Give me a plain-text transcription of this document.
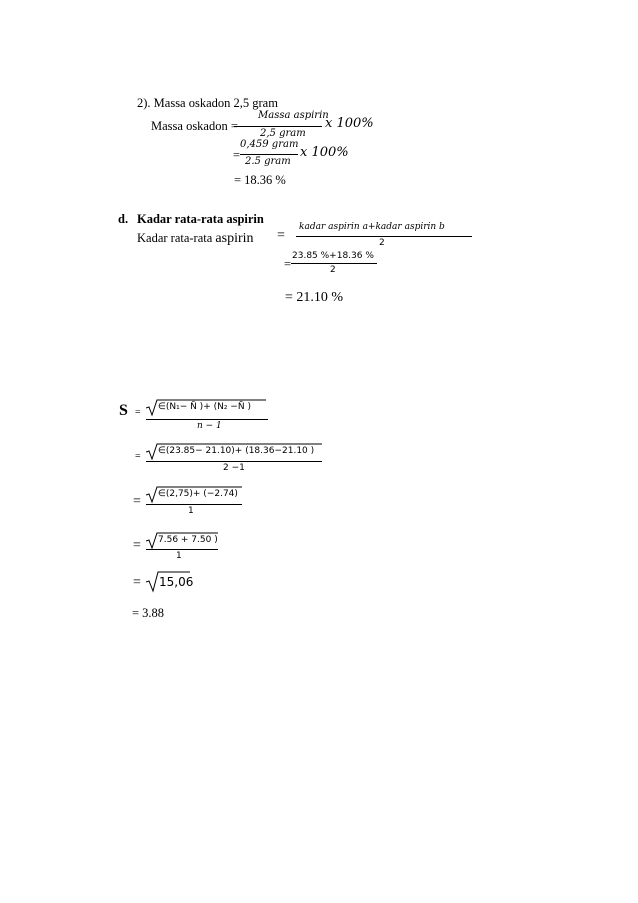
2). Massa oskadon 2,5 gram
Massa oskadon =
Massa aspirin
2,5 gram
x 100%
=
0,459 gram
2.5 gram
x 100%
= 18.36 %
d. Kadar rata-rata aspirin
Kadar rata-rata aspirin =
kadar aspirin a+kadar aspirin b
2
=
23.85 %+18.36 %
2
= 21.10 %
S = ∈(N₁− N̄ )+ (N₂ −N̄ )
n − 1
= ∈(23.85− 21.10)+ (18.36−21.10 )
2 −1
= ∈(2,75)+ (−2.74)
1
= 7.56 + 7.50 )
1
= 15,06
= 3.88
